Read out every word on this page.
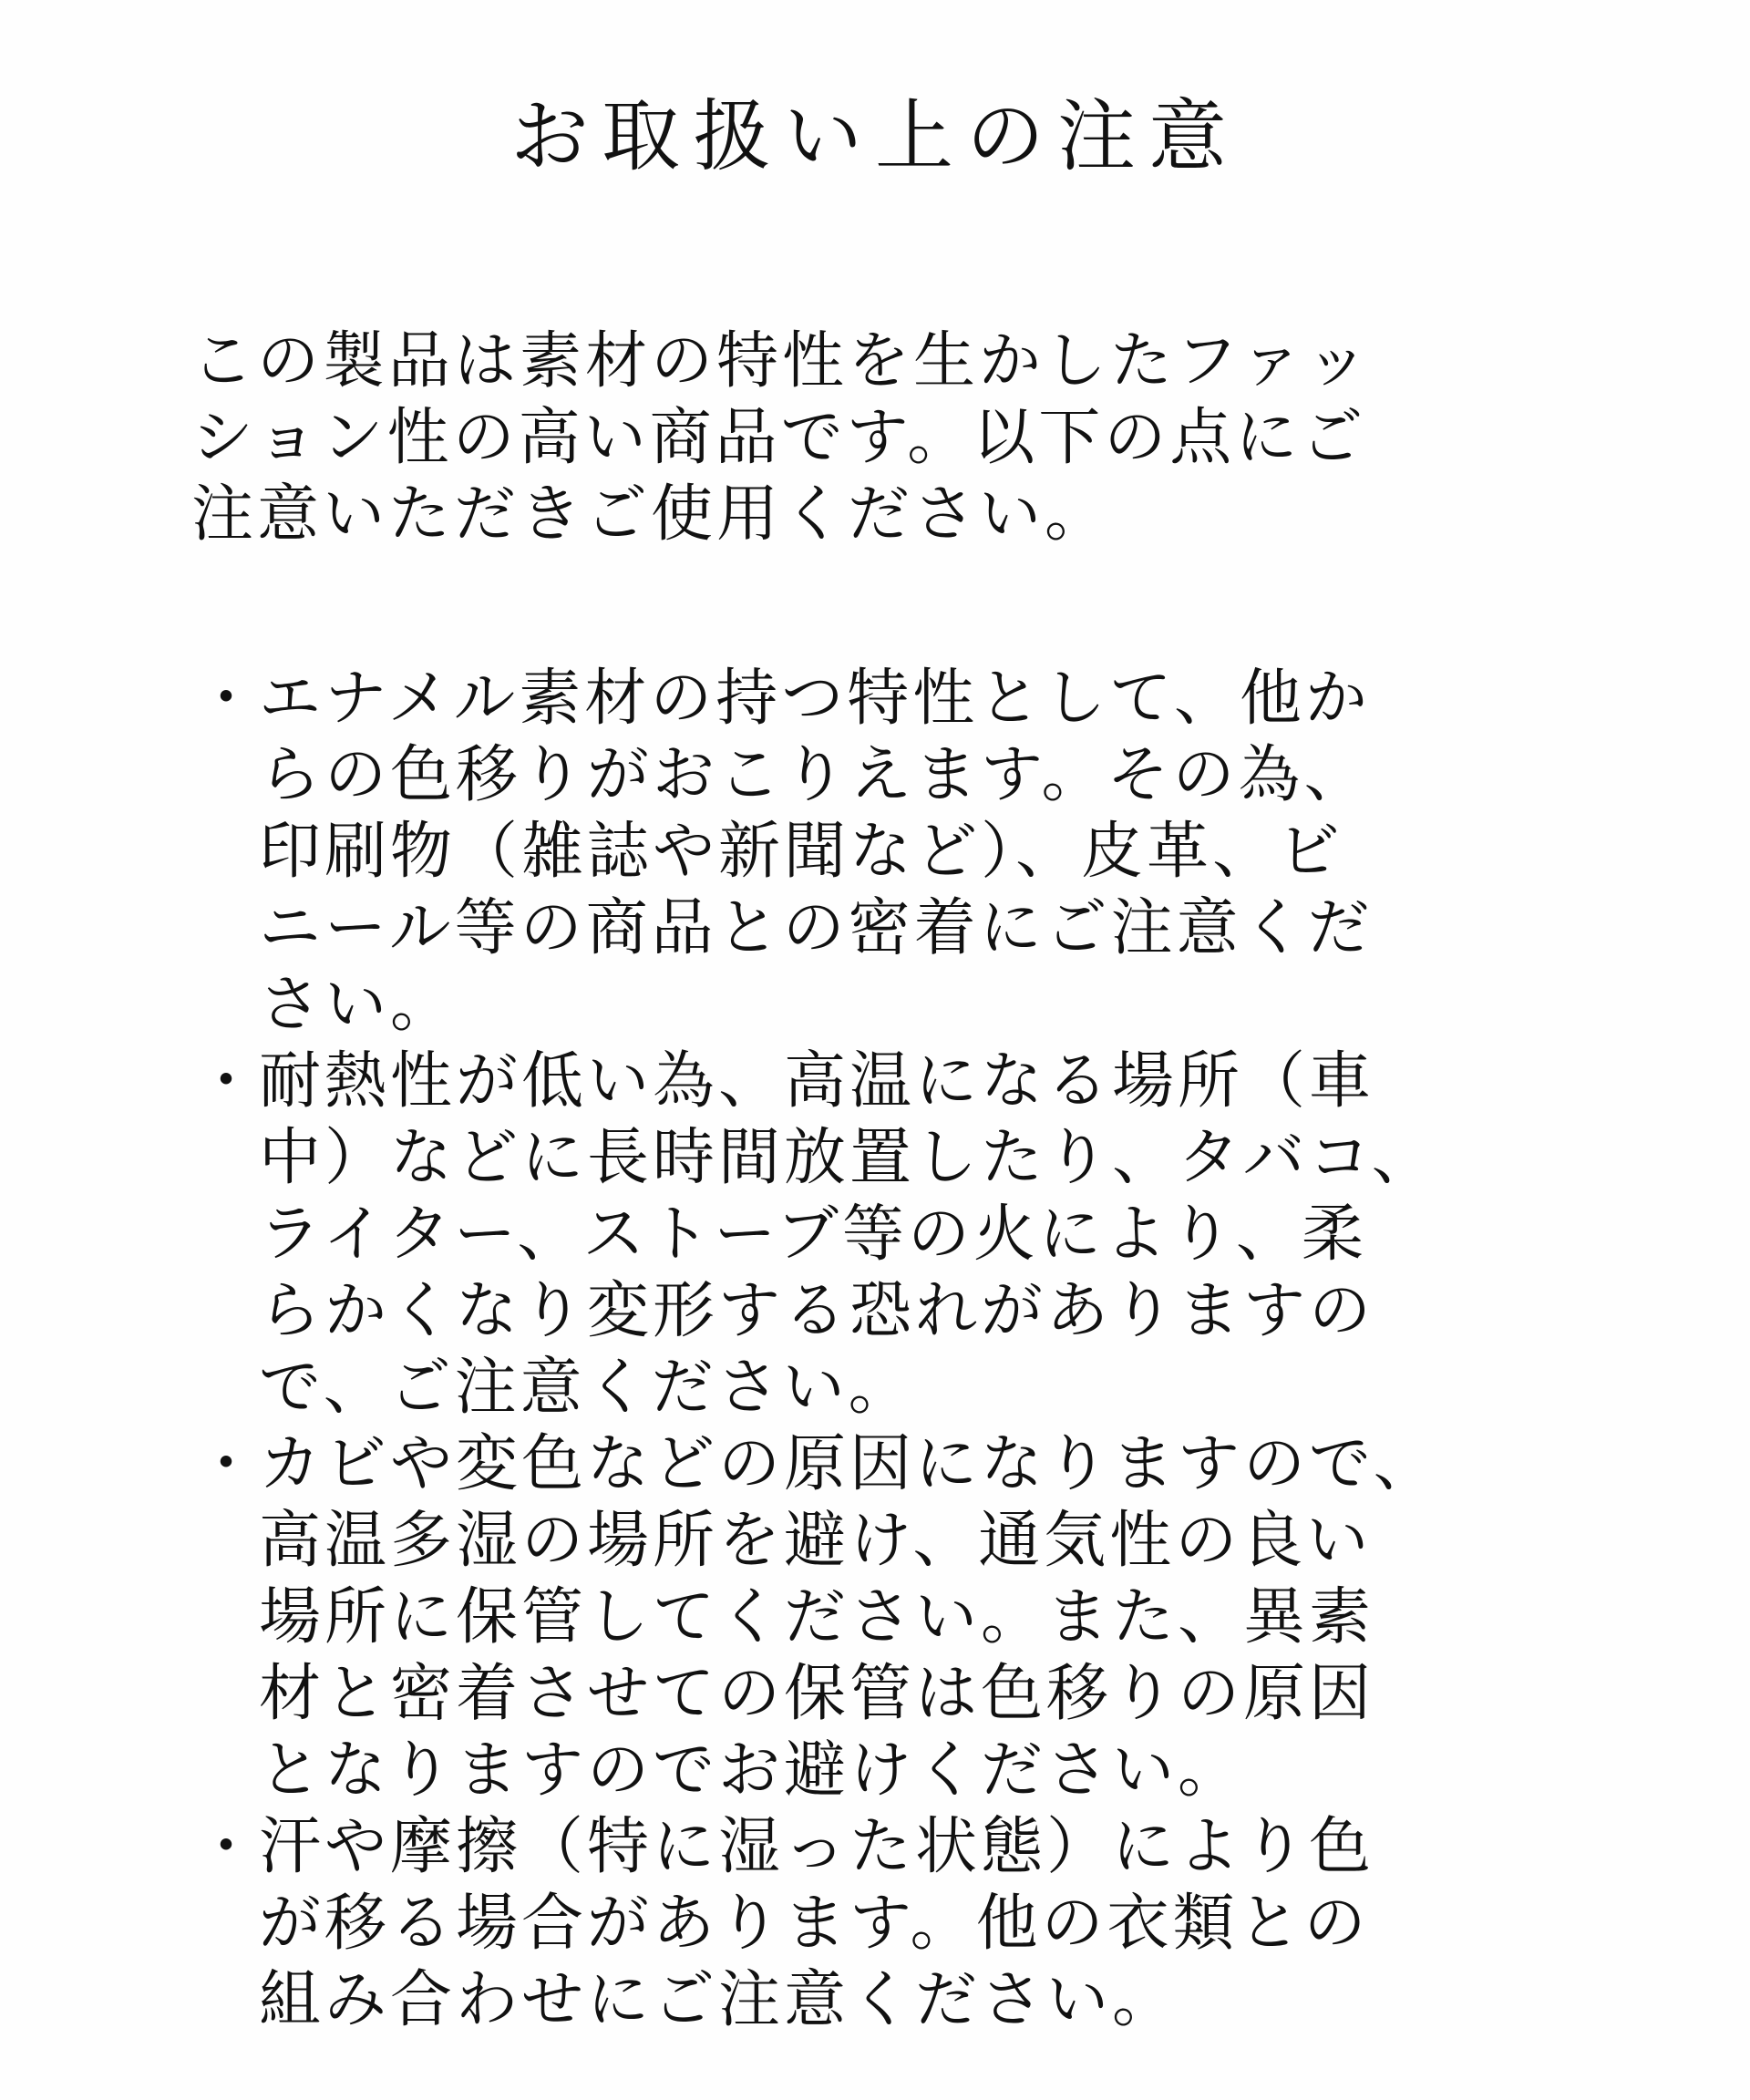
お取扱い上の注意
この製品は素材の特性を生かしたファッ
ション性の高い商品です。以下の点にご
注意いただきご使用ください。
・
エナメル素材の持つ特性として、他か
らの色移りがおこりえます。その為、
印刷物（雑誌や新聞など）、皮革、ビ
ニール等の商品との密着にご注意くだ
さい。
・
耐熱性が低い為、高温になる場所（車
中）などに長時間放置したり、タバコ、
ライター、ストーブ等の火により、柔
らかくなり変形する恐れがありますの
で、ご注意ください。
・
カビや変色などの原因になりますので、
高温多湿の場所を避け、通気性の良い
場所に保管してください。また、異素
材と密着させての保管は色移りの原因
となりますのでお避けください。
・
汗や摩擦（特に湿った状態）により色
が移る場合があります。他の衣類との
組み合わせにご注意ください。
